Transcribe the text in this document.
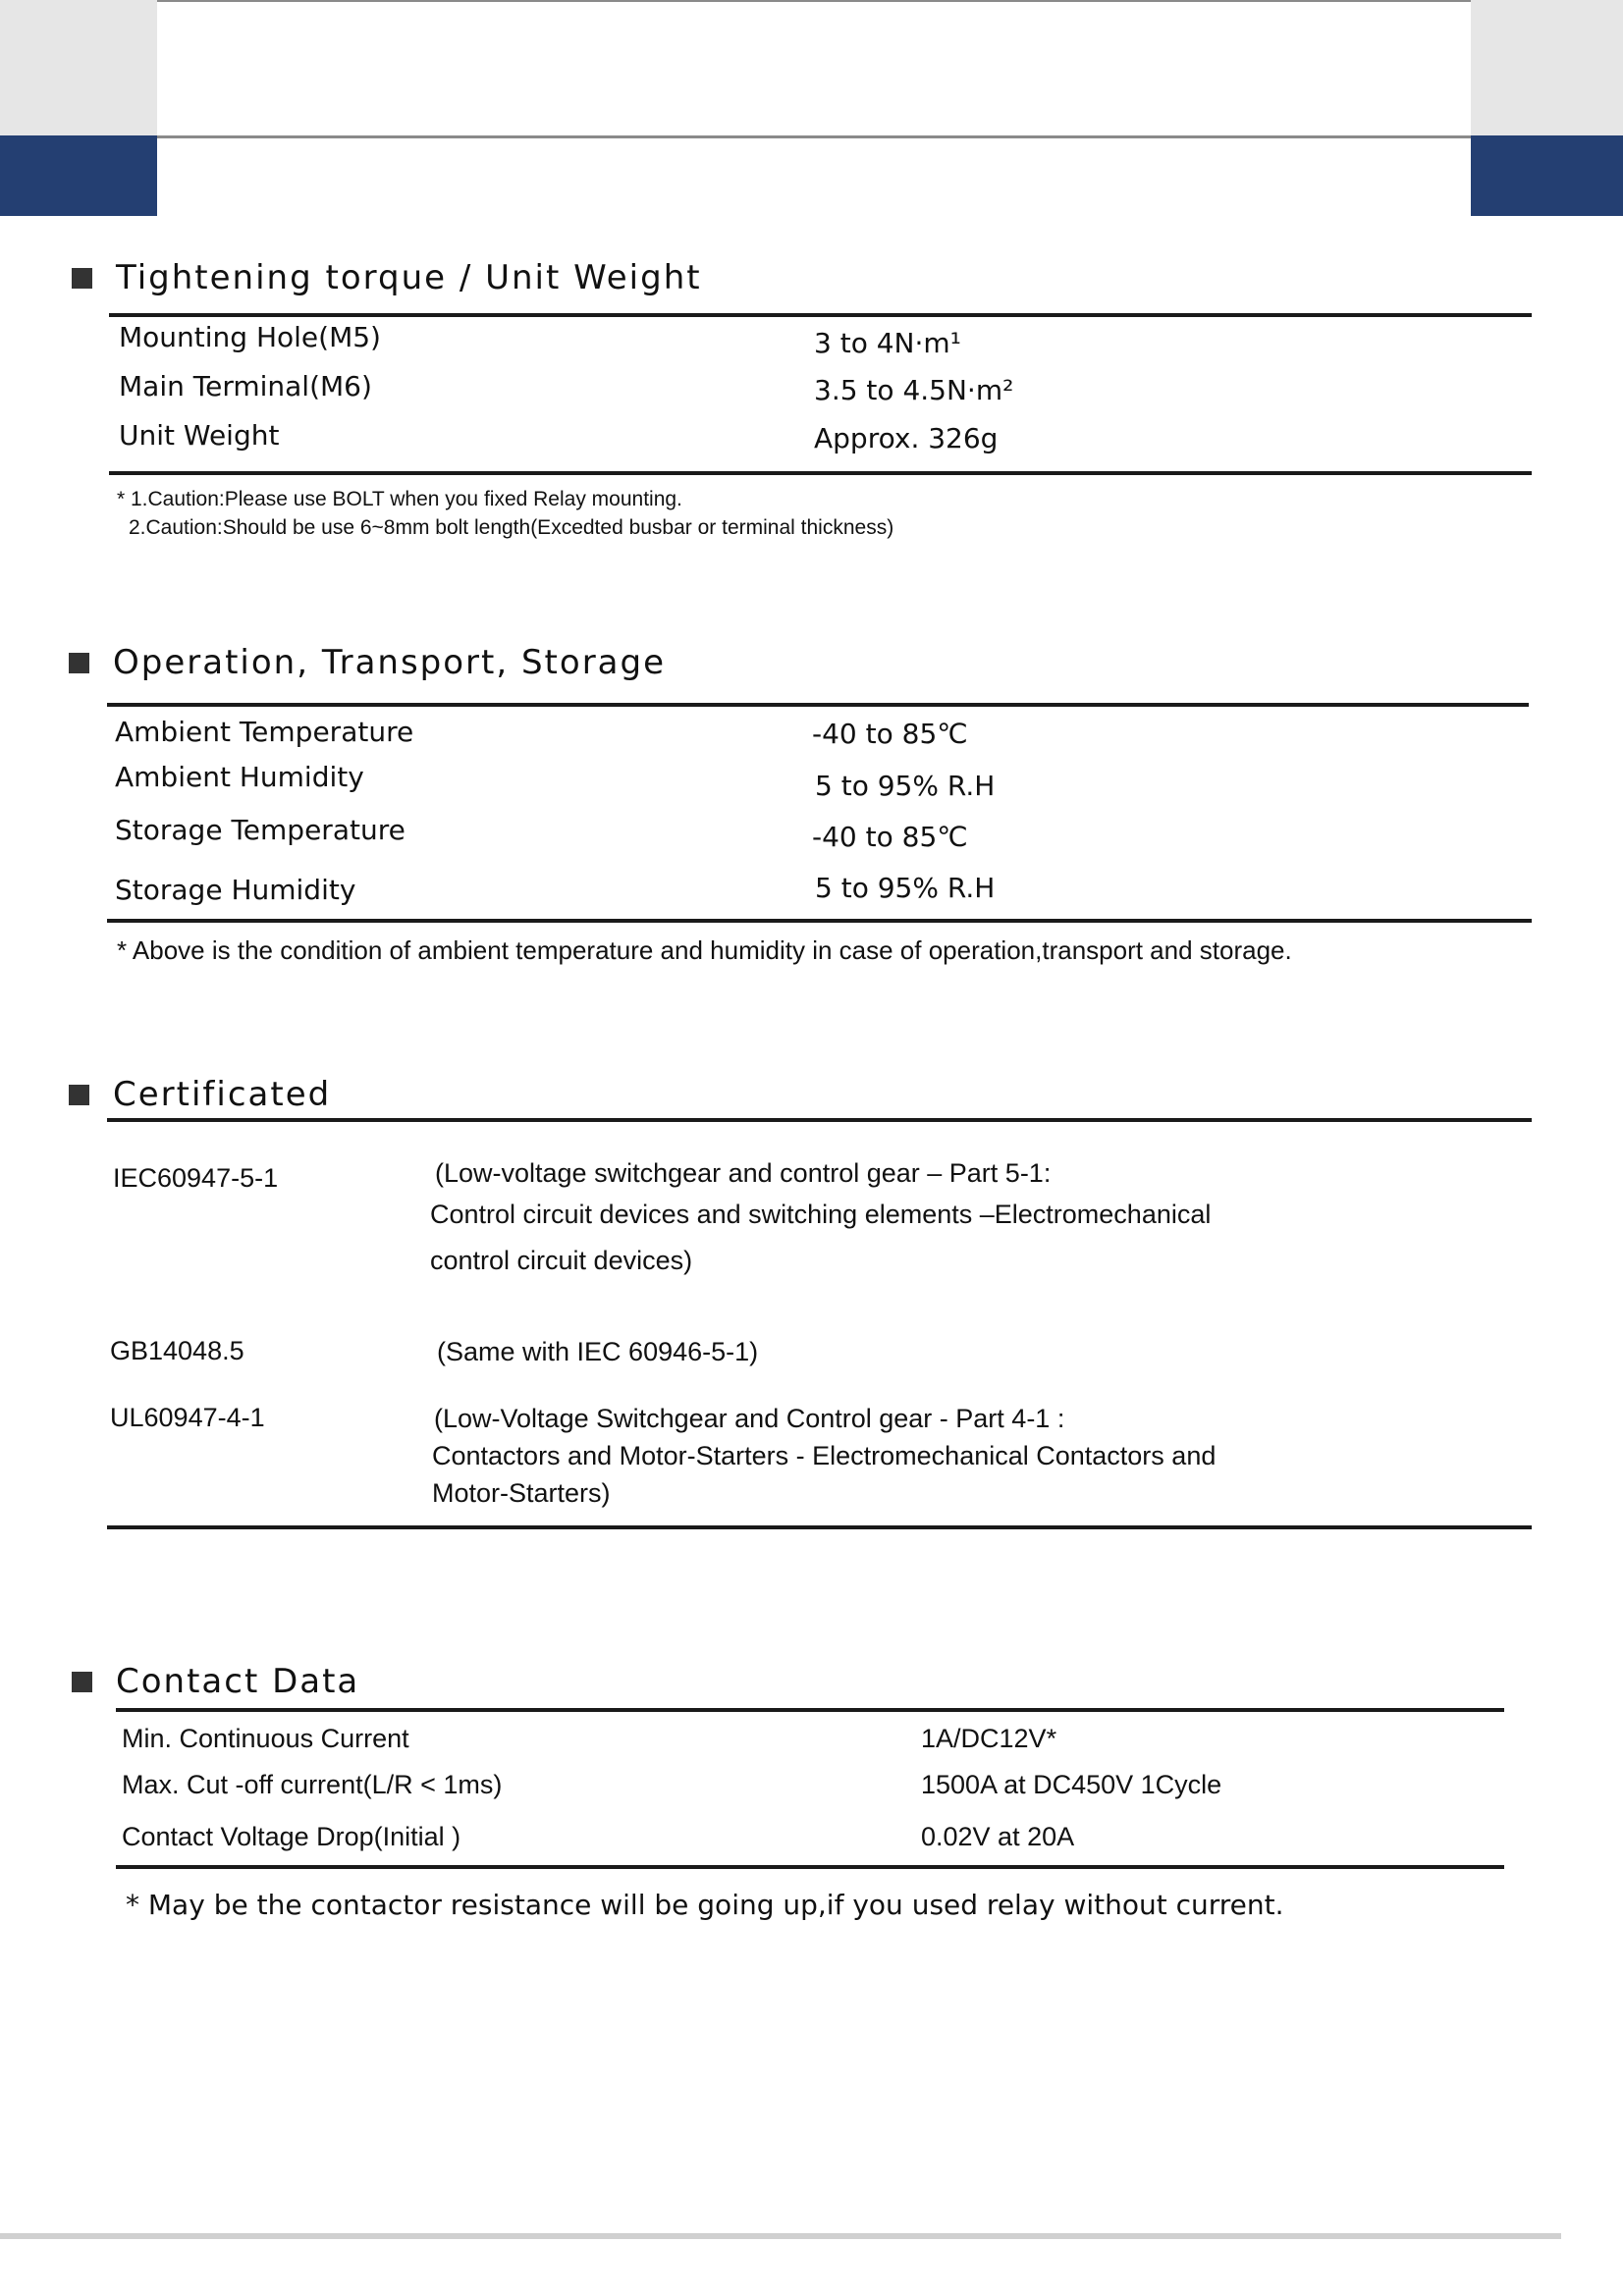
Tightening torque / Unit Weight
Mounting Hole(M5)	3 to 4N·m¹
Main Terminal(M6)	3.5 to 4.5N·m²
Unit Weight	Approx. 326g
* 1.Caution:Please use BOLT when you fixed Relay mounting.
2.Caution:Should be use 6~8mm bolt length(Excedted busbar or terminal thickness)
Operation, Transport, Storage
Ambient Temperature	-40 to 85℃
Ambient Humidity	5 to 95% R.H
Storage Temperature	-40 to 85℃
Storage Humidity	5 to 95% R.H
* Above is the condition of ambient temperature and humidity in case of operation,transport and storage.
Certificated
IEC60947-5-1	(Low-voltage switchgear and control gear – Part 5-1:
Control circuit devices and switching elements –Electromechanical
control circuit devices)
GB14048.5	(Same with IEC 60946-5-1)
UL60947-4-1	(Low-Voltage Switchgear and Control gear - Part 4-1 :
Contactors and Motor-Starters - Electromechanical Contactors and
Motor-Starters)
Contact Data
Min. Continuous Current	1A/DC12V*
Max. Cut -off current(L/R < 1ms)	1500A at DC450V 1Cycle
Contact Voltage Drop(Initial )	0.02V at 20A
* May be the contactor resistance will be going up,if you used relay without current.
